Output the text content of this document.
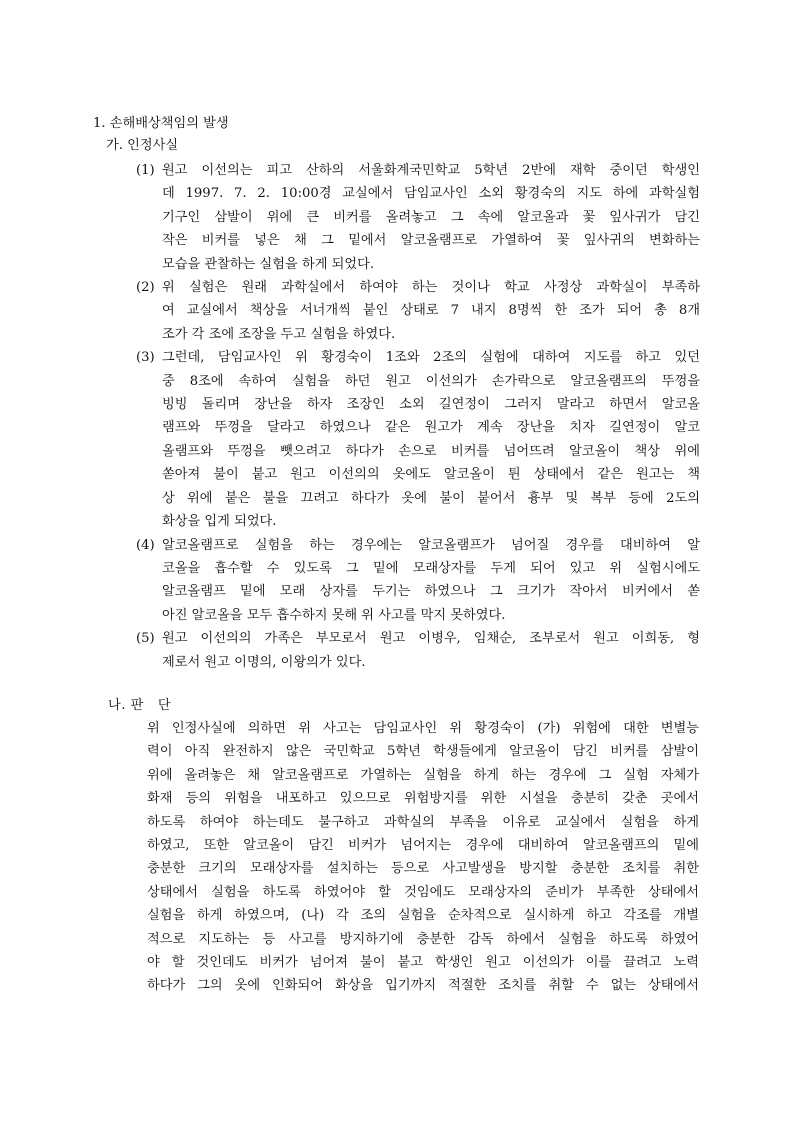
1. 손해배상책임의 발생
가. 인정사실
(1) 원고 이선의는 피고 산하의 서울화계국민학교 5학년 2반에 재학 중이던 학생인
데 1997. 7. 2. 10:00경 교실에서 담임교사인 소외 황경숙의 지도 하에 과학실험
기구인 삼발이 위에 큰 비커를 올려놓고 그 속에 알코올과 꽃 잎사귀가 담긴
작은 비커를 넣은 채 그 밑에서 알코올램프로 가열하여 꽃 잎사귀의 변화하는
모습을 관찰하는 실험을 하게 되었다.
(2) 위 실험은 원래 과학실에서 하여야 하는 것이나 학교 사정상 과학실이 부족하
여 교실에서 책상을 서너개씩 붙인 상태로 7 내지 8명씩 한 조가 되어 총 8개
조가 각 조에 조장을 두고 실험을 하였다.
(3) 그런데, 담임교사인 위 황경숙이 1조와 2조의 실험에 대하여 지도를 하고 있던
중 8조에 속하여 실험을 하던 원고 이선의가 손가락으로 알코올램프의 뚜껑을
빙빙 돌리며 장난을 하자 조장인 소외 길연정이 그러지 말라고 하면서 알코올
램프와 뚜껑을 달라고 하였으나 같은 원고가 계속 장난을 치자 길연정이 알코
올램프와 뚜껑을 뺏으려고 하다가 손으로 비커를 넘어뜨려 알코올이 책상 위에
쏟아져 불이 붙고 원고 이선의의 옷에도 알코올이 튄 상태에서 같은 원고는 책
상 위에 붙은 불을 끄려고 하다가 옷에 불이 붙어서 흉부 및 복부 등에 2도의
화상을 입게 되었다.
(4) 알코올램프로 실험을 하는 경우에는 알코올램프가 넘어질 경우를 대비하여 알
코올을 흡수할 수 있도록 그 밑에 모래상자를 두게 되어 있고 위 실험시에도
알코올램프 밑에 모래 상자를 두기는 하였으나 그 크기가 작아서 비커에서 쏟
아진 알코올을 모두 흡수하지 못해 위 사고를 막지 못하였다.
(5) 원고 이선의의 가족은 부모로서 원고 이병우, 임채순, 조부로서 원고 이희동, 형
제로서 원고 이명의, 이왕의가 있다.
나. 판 단
위 인정사실에 의하면 위 사고는 담임교사인 위 황경숙이 (가) 위험에 대한 변별능
력이 아직 완전하지 않은 국민학교 5학년 학생들에게 알코올이 담긴 비커를 삼발이
위에 올려놓은 채 알코올램프로 가열하는 실험을 하게 하는 경우에 그 실험 자체가
화재 등의 위험을 내포하고 있으므로 위험방지를 위한 시설을 충분히 갖춘 곳에서
하도록 하여야 하는데도 불구하고 과학실의 부족을 이유로 교실에서 실험을 하게
하였고, 또한 알코올이 담긴 비커가 넘어지는 경우에 대비하여 알코올램프의 밑에
충분한 크기의 모래상자를 설치하는 등으로 사고발생을 방지할 충분한 조치를 취한
상태에서 실험을 하도록 하였어야 할 것임에도 모래상자의 준비가 부족한 상태에서
실험을 하게 하였으며, (나) 각 조의 실험을 순차적으로 실시하게 하고 각조를 개별
적으로 지도하는 등 사고를 방지하기에 충분한 감독 하에서 실험을 하도록 하였어
야 할 것인데도 비커가 넘어져 불이 붙고 학생인 원고 이선의가 이를 끌려고 노력
하다가 그의 옷에 인화되어 화상을 입기까지 적절한 조치를 취할 수 없는 상태에서
